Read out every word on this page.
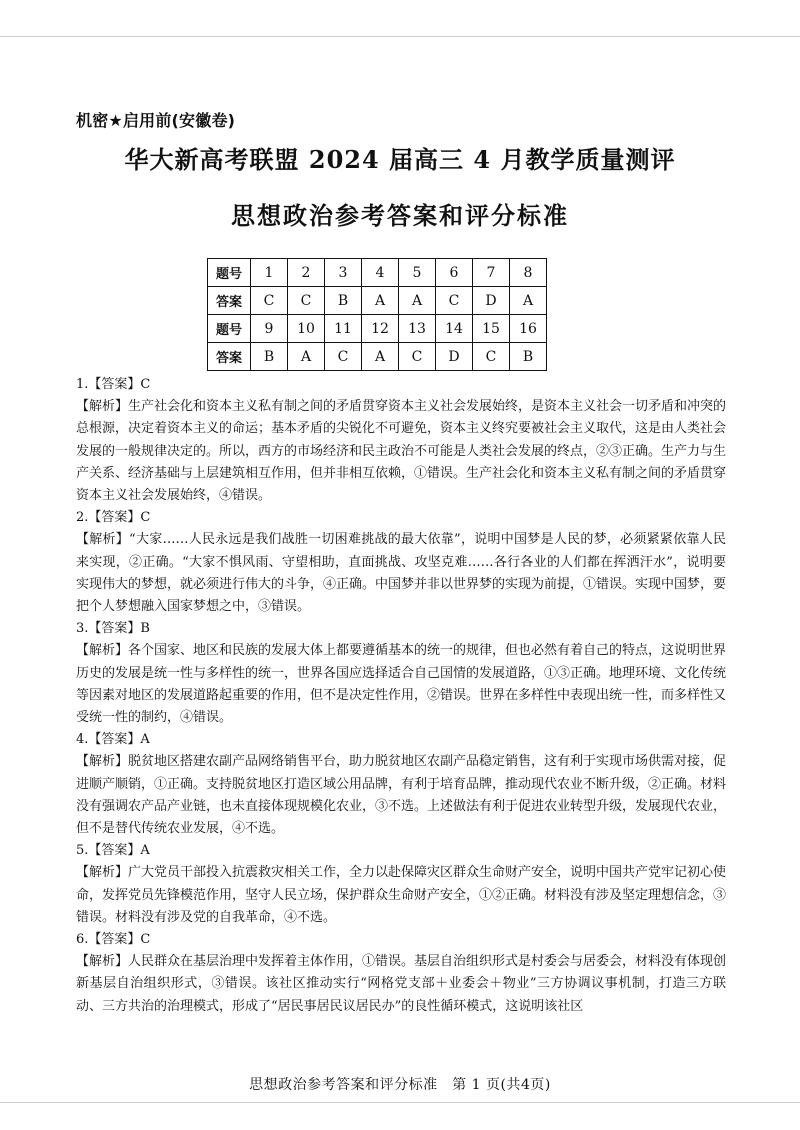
机密★启用前(安徽卷)
华大新高考联盟 2024 届高三 4 月教学质量测评
思想政治参考答案和评分标准
题号	1	2	3	4	5	6	7	8
答案	C	C	B	A	A	C	D	A
题号	9	10	11	12	13	14	15	16
答案	B	A	C	A	C	D	C	B
1.【答案】C
【解析】生产社会化和资本主义私有制之间的矛盾贯穿资本主义社会发展始终，是资本主义社会一切矛盾和冲突的总根源，决定着资本主义的命运；基本矛盾的尖锐化不可避免，资本主义终究要被社会主义取代，这是由人类社会发展的一般规律决定的。所以，西方的市场经济和民主政治不可能是人类社会发展的终点，②③正确。生产力与生产关系、经济基础与上层建筑相互作用，但并非相互依赖，①错误。生产社会化和资本主义私有制之间的矛盾贯穿资本主义社会发展始终，④错误。
2.【答案】C
【解析】“大家……人民永远是我们战胜一切困难挑战的最大依靠”，说明中国梦是人民的梦，必须紧紧依靠人民来实现，②正确。“大家不惧风雨、守望相助，直面挑战、攻坚克难……各行各业的人们都在挥洒汗水”，说明要实现伟大的梦想，就必须进行伟大的斗争，④正确。中国梦并非以世界梦的实现为前提，①错误。实现中国梦，要把个人梦想融入国家梦想之中，③错误。
3.【答案】B
【解析】各个国家、地区和民族的发展大体上都要遵循基本的统一的规律，但也必然有着自己的特点，这说明世界历史的发展是统一性与多样性的统一，世界各国应选择适合自己国情的发展道路，①③正确。地理环境、文化传统等因素对地区的发展道路起重要的作用，但不是决定性作用，②错误。世界在多样性中表现出统一性，而多样性又受统一性的制约，④错误。
4.【答案】A
【解析】脱贫地区搭建农副产品网络销售平台，助力脱贫地区农副产品稳定销售，这有利于实现市场供需对接，促进顺产顺销，①正确。支持脱贫地区打造区域公用品牌，有利于培育品牌，推动现代农业不断升级，②正确。材料没有强调农产品产业链，也未直接体现规模化农业，③不选。上述做法有利于促进农业转型升级，发展现代农业，但不是替代传统农业发展，④不选。
5.【答案】A
【解析】广大党员干部投入抗震救灾相关工作，全力以赴保障灾区群众生命财产安全，说明中国共产党牢记初心使命，发挥党员先锋模范作用，坚守人民立场，保护群众生命财产安全，①②正确。材料没有涉及坚定理想信念，③错误。材料没有涉及党的自我革命，④不选。
6.【答案】C
【解析】人民群众在基层治理中发挥着主体作用，①错误。基层自治组织形式是村委会与居委会，材料没有体现创新基层自治组织形式，③错误。该社区推动实行“网格党支部＋业委会＋物业”三方协调议事机制，打造三方联动、三方共治的治理模式，形成了“居民事居民议居民办”的良性循环模式，这说明该社区
思想政治参考答案和评分标准　第 1 页(共4页)
